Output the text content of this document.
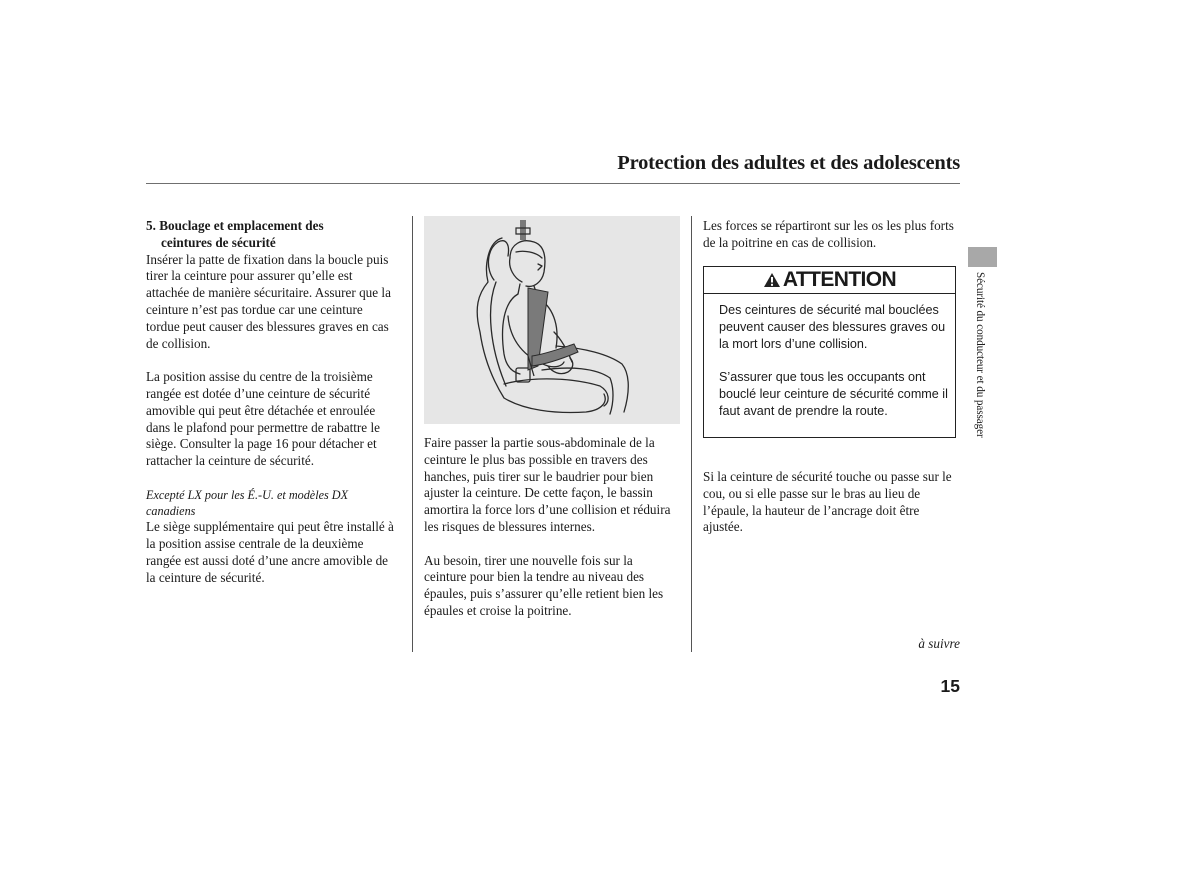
Protection des adultes et des adolescents

5. Bouclage et emplacement des

ceintures de sécurité

Insérer la patte de fixation dans la boucle puis tirer la ceinture pour assurer qu’elle est attachée de manière sécuritaire. Assurer que la ceinture n’est pas tordue car une ceinture tordue peut causer des blessures graves en cas de collision.

La position assise du centre de la troisième rangée est dotée d’une ceinture de sécurité amovible qui peut être détachée et enroulée dans le plafond pour permettre de rabattre le siège. Consulter la page 16 pour détacher et rattacher la ceinture de sécurité.

Excepté LX pour les É.-U. et modèles DX canadiens

Le siège supplémentaire qui peut être installé à la position assise centrale de la deuxième rangée est aussi doté d’une ancre amovible de la ceinture de sécurité.

Faire passer la partie sous-abdominale de la ceinture le plus bas possible en travers des hanches, puis tirer sur le baudrier pour bien ajuster la ceinture. De cette façon, le bassin amortira la force lors d’une collision et réduira les risques de blessures internes.

Au besoin, tirer une nouvelle fois sur la ceinture pour bien la tendre au niveau des épaules, puis s’assurer qu’elle retient bien les épaules et croise la poitrine.

Les forces se répartiront sur les os les plus forts de la poitrine en cas de collision.
ATTENTION

Des ceintures de sécurité mal bouclées peuvent causer des blessures graves ou la mort lors d’une collision.

S’assurer que tous les occupants ont bouclé leur ceinture de sécurité comme il faut avant de prendre la route.

Si la ceinture de sécurité touche ou passe sur le cou, ou si elle passe sur le bras au lieu de l’épaule, la hauteur de l’ancrage doit être ajustée.
Sécurité du conducteur et du passager
à suivre
15
